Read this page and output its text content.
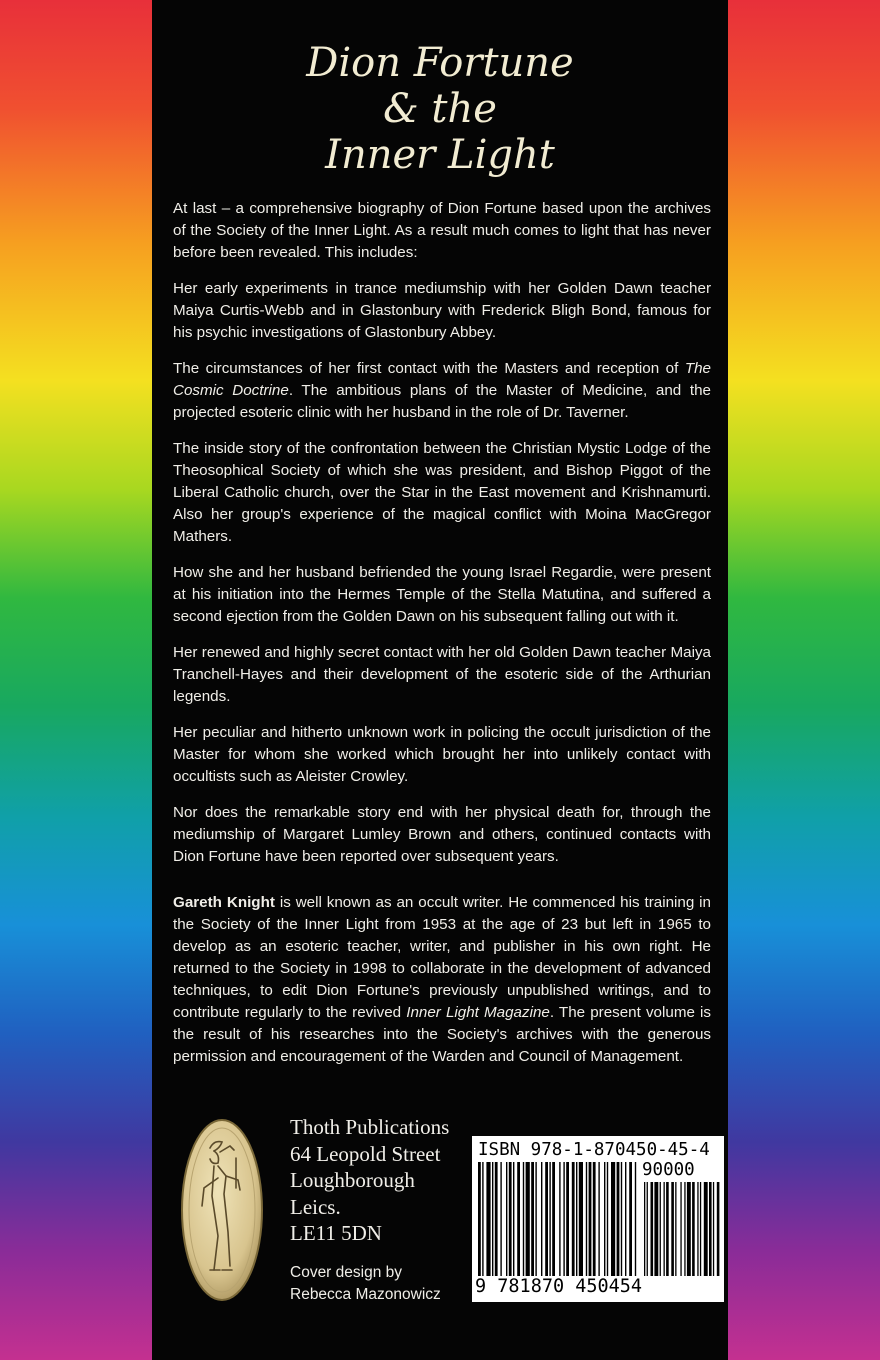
Dion Fortune
& the
Inner Light

At last – a comprehensive biography of Dion Fortune based upon the archives of the Society of the Inner Light. As a result much comes to light that has never before been revealed. This includes:

Her early experiments in trance mediumship with her Golden Dawn teacher Maiya Curtis-Webb and in Glastonbury with Frederick Bligh Bond, famous for his psychic investigations of Glastonbury Abbey.

The circumstances of her first contact with the Masters and reception of The Cosmic Doctrine. The ambitious plans of the Master of Medicine, and the projected esoteric clinic with her husband in the role of Dr. Taverner.

The inside story of the confrontation between the Christian Mystic Lodge of the Theosophical Society of which she was president, and Bishop Piggot of the Liberal Catholic church, over the Star in the East movement and Krishnamurti. Also her group's experience of the magical conflict with Moina MacGregor Mathers.

How she and her husband befriended the young Israel Regardie, were present at his initiation into the Hermes Temple of the Stella Matutina, and suffered a second ejection from the Golden Dawn on his subsequent falling out with it.

Her renewed and highly secret contact with her old Golden Dawn teacher Maiya Tranchell-Hayes and their development of the esoteric side of the Arthurian legends.

Her peculiar and hitherto unknown work in policing the occult jurisdiction of the Master for whom she worked which brought her into unlikely contact with occultists such as Aleister Crowley.

Nor does the remarkable story end with her physical death for, through the mediumship of Margaret Lumley Brown and others, continued contacts with Dion Fortune have been reported over subsequent years.

Gareth Knight is well known as an occult writer. He commenced his training in the Society of the Inner Light from 1953 at the age of 23 but left in 1965 to develop as an esoteric teacher, writer, and publisher in his own right. He returned to the Society in 1998 to collaborate in the development of advanced techniques, to edit Dion Fortune's previously unpublished writings, and to contribute regularly to the revived Inner Light Magazine. The present volume is the result of his researches into the Society's archives with the generous permission and encouragement of the Warden and Council of Management.

Thoth Publications
64 Leopold Street
Loughborough
Leics.
LE11 5DN
Cover design by
Rebecca Mazonowicz
ISBN 978-1-870450-45-4
90000
9 781870 450454
